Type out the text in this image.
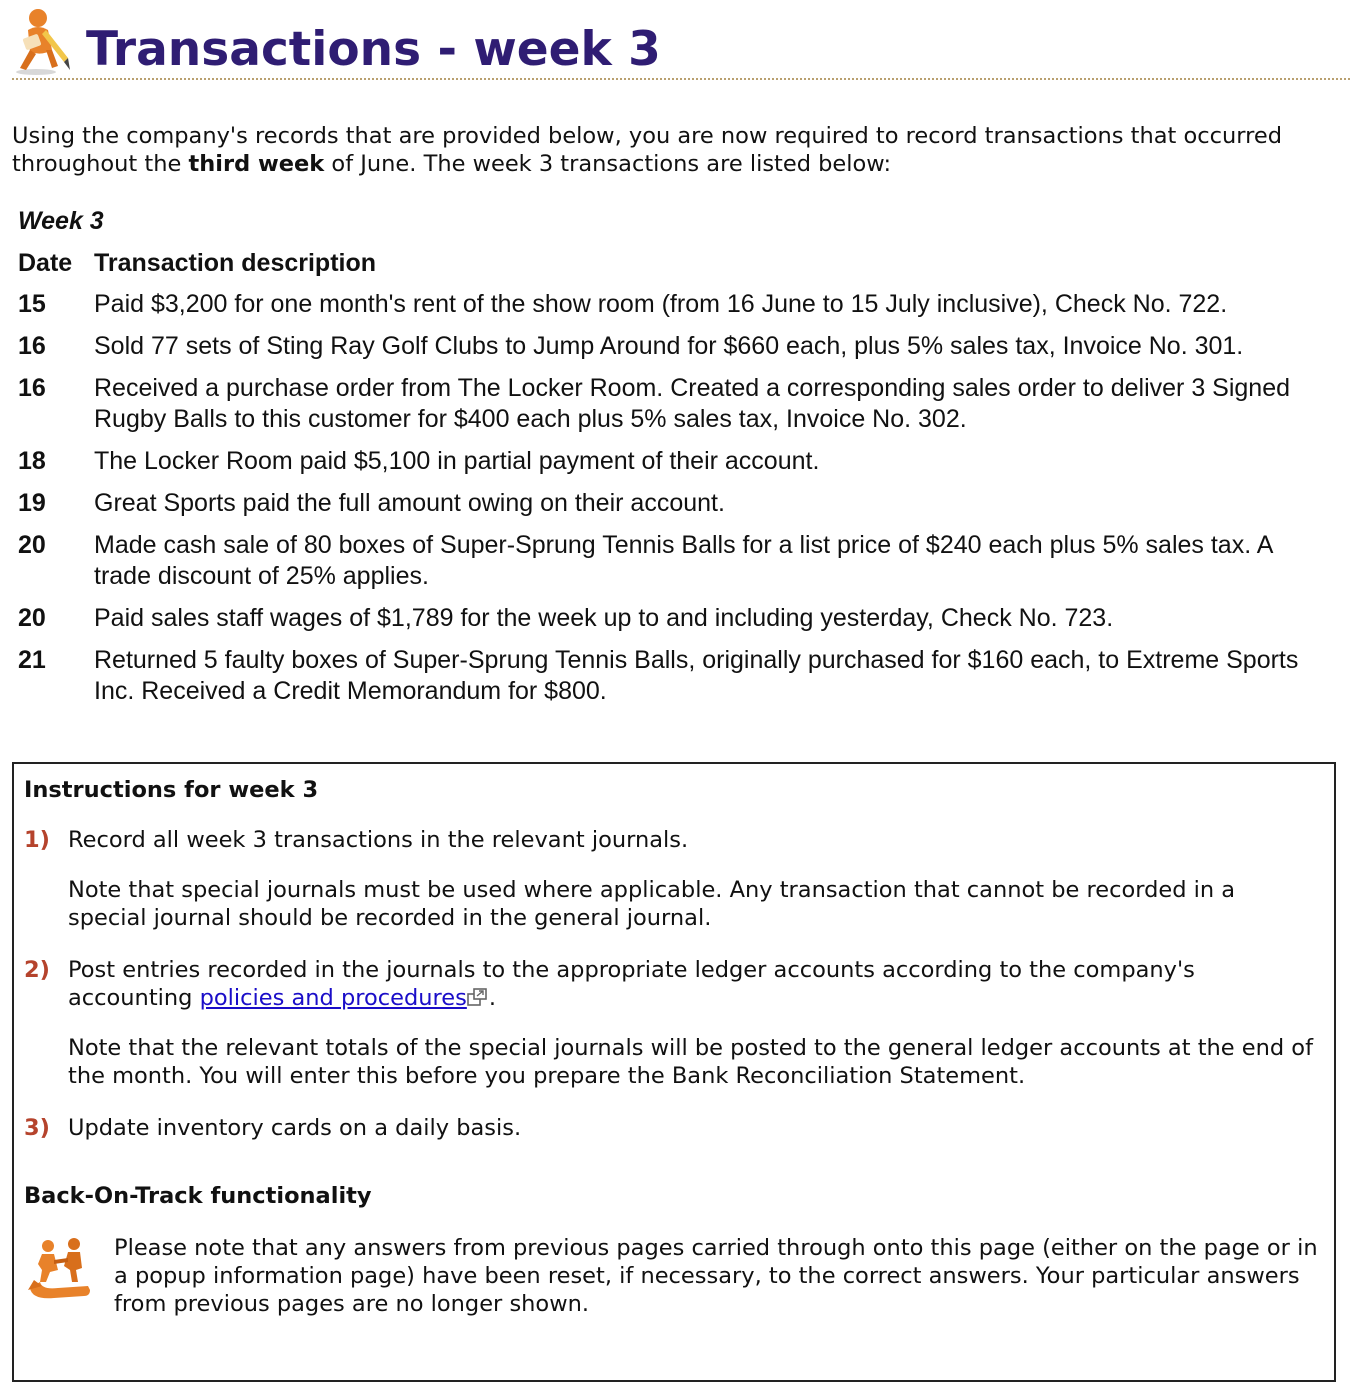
Transactions - week 3

Using the company's records that are provided below, you are now required to record transactions that occurred throughout the third week of June. The week 3 transactions are listed below:

Week 3
Date Transaction description
15	Paid $3,200 for one month's rent of the show room (from 16 June to 15 July inclusive), Check No. 722.
16	Sold 77 sets of Sting Ray Golf Clubs to Jump Around for $660 each, plus 5% sales tax, Invoice No. 301.
16	Received a purchase order from The Locker Room. Created a corresponding sales order to deliver 3 Signed Rugby Balls to this customer for $400 each plus 5% sales tax, Invoice No. 302.
18	The Locker Room paid $5,100 in partial payment of their account.
19	Great Sports paid the full amount owing on their account.
20	Made cash sale of 80 boxes of Super-Sprung Tennis Balls for a list price of $240 each plus 5% sales tax. A trade discount of 25% applies.
20	Paid sales staff wages of $1,789 for the week up to and including yesterday, Check No. 723.
21	Returned 5 faulty boxes of Super-Sprung Tennis Balls, originally purchased for $160 each, to Extreme Sports Inc. Received a Credit Memorandum for $800.
Instructions for week 3
1) Record all week 3 transactions in the relevant journals.
Note that special journals must be used where applicable. Any transaction that cannot be recorded in a special journal should be recorded in the general journal.
2) Post entries recorded in the journals to the appropriate ledger accounts according to the company's accounting policies and procedures .
Note that the relevant totals of the special journals will be posted to the general ledger accounts at the end of the month. You will enter this before you prepare the Bank Reconciliation Statement.
3) Update inventory cards on a daily basis.
Back-On-Track functionality

Please note that any answers from previous pages carried through onto this page (either on the page or in a popup information page) have been reset, if necessary, to the correct answers. Your particular answers from previous pages are no longer shown.
